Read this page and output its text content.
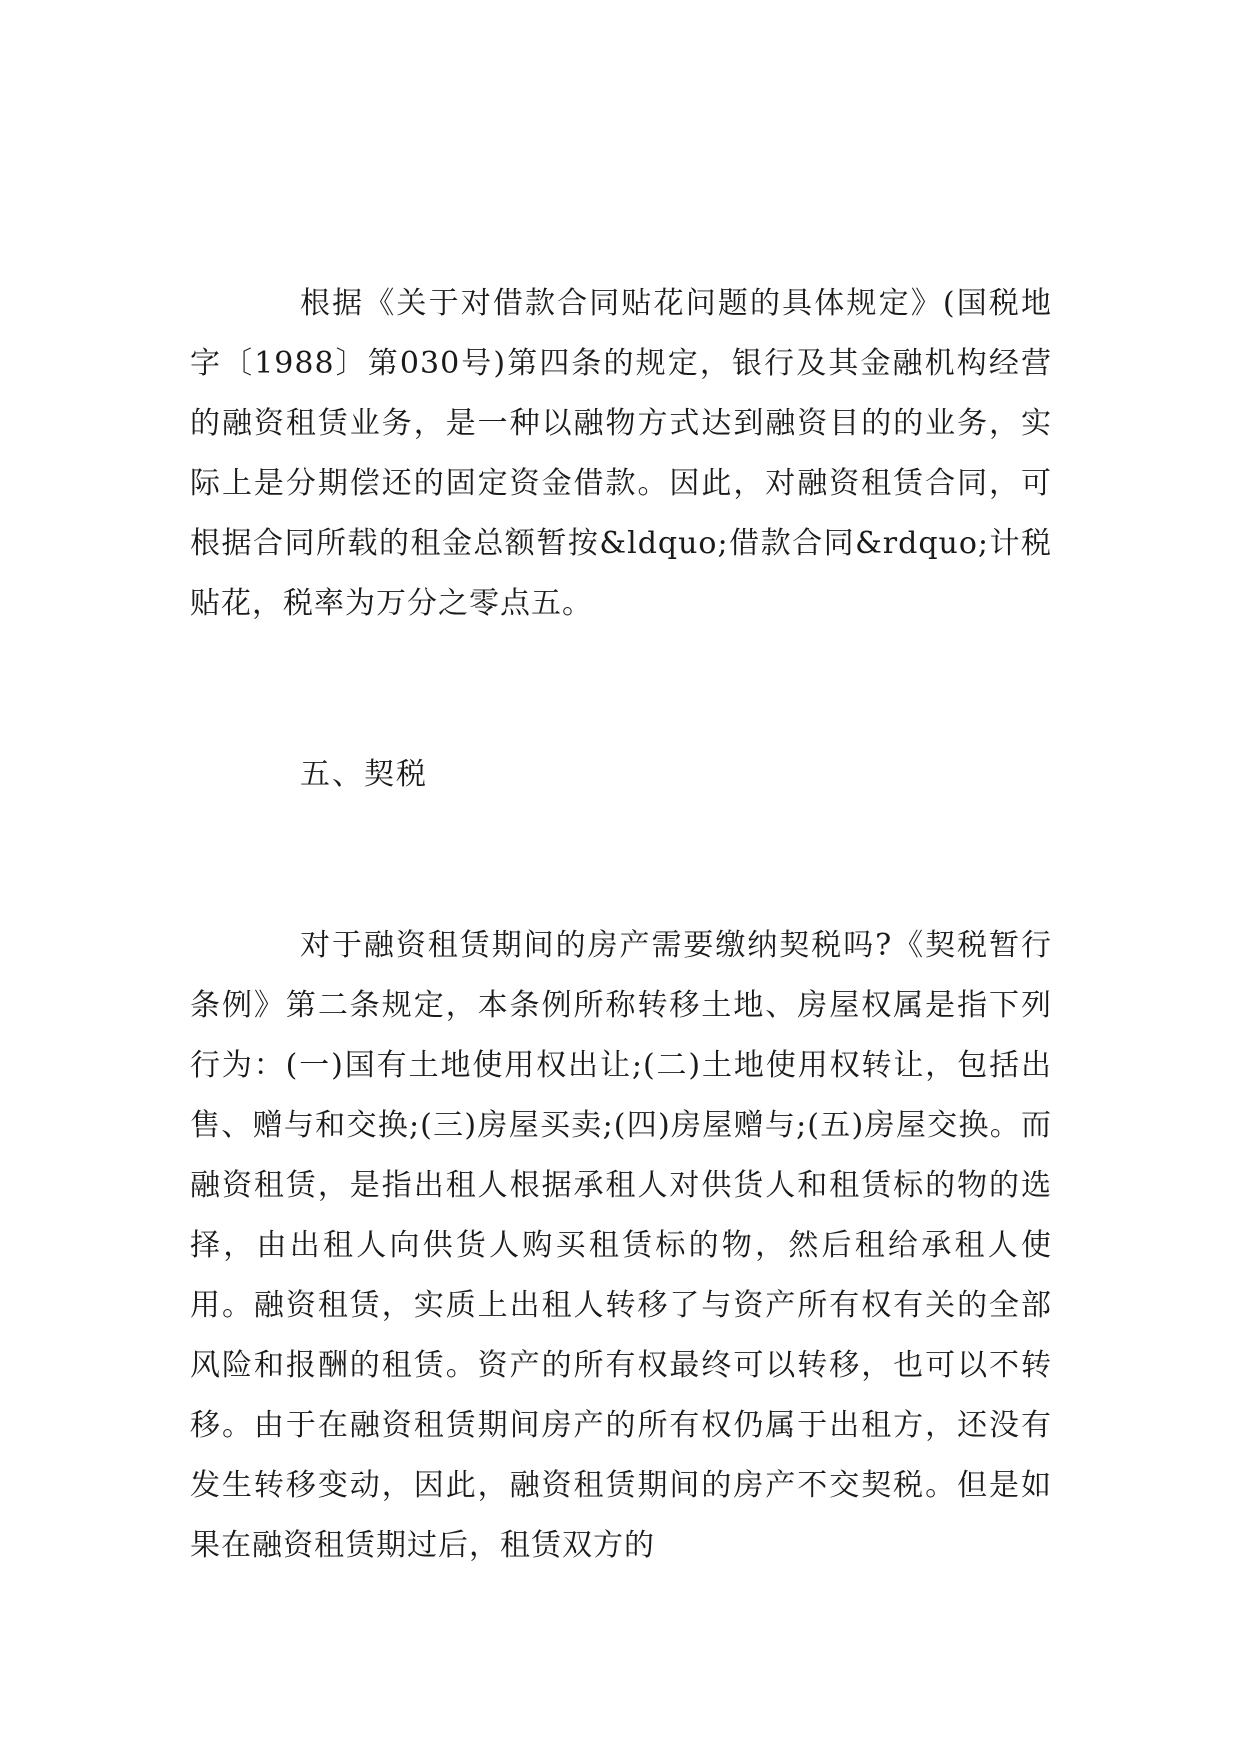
根据《关于对借款合同贴花问题的具体规定》(国税地字〔1988〕第030号)第四条的规定，银行及其金融机构经营的融资租赁业务，是一种以融物方式达到融资目的的业务，实际上是分期偿还的固定资金借款。因此，对融资租赁合同，可根据合同所载的租金总额暂按&ldquo;借款合同&rdquo;计税贴花，税率为万分之零点五。

五、契税

对于融资租赁期间的房产需要缴纳契税吗?《契税暂行条例》第二条规定，本条例所称转移土地、房屋权属是指下列行为：(一)国有土地使用权出让;(二)土地使用权转让，包括出售、赠与和交换;(三)房屋买卖;(四)房屋赠与;(五)房屋交换。而融资租赁，是指出租人根据承租人对供货人和租赁标的物的选择，由出租人向供货人购买租赁标的物，然后租给承租人使用。融资租赁，实质上出租人转移了与资产所有权有关的全部风险和报酬的租赁。资产的所有权最终可以转移，也可以不转移。由于在融资租赁期间房产的所有权仍属于出租方，还没有发生转移变动，因此，融资租赁期间的房产不交契税。但是如果在融资租赁期过后，租赁双方的
